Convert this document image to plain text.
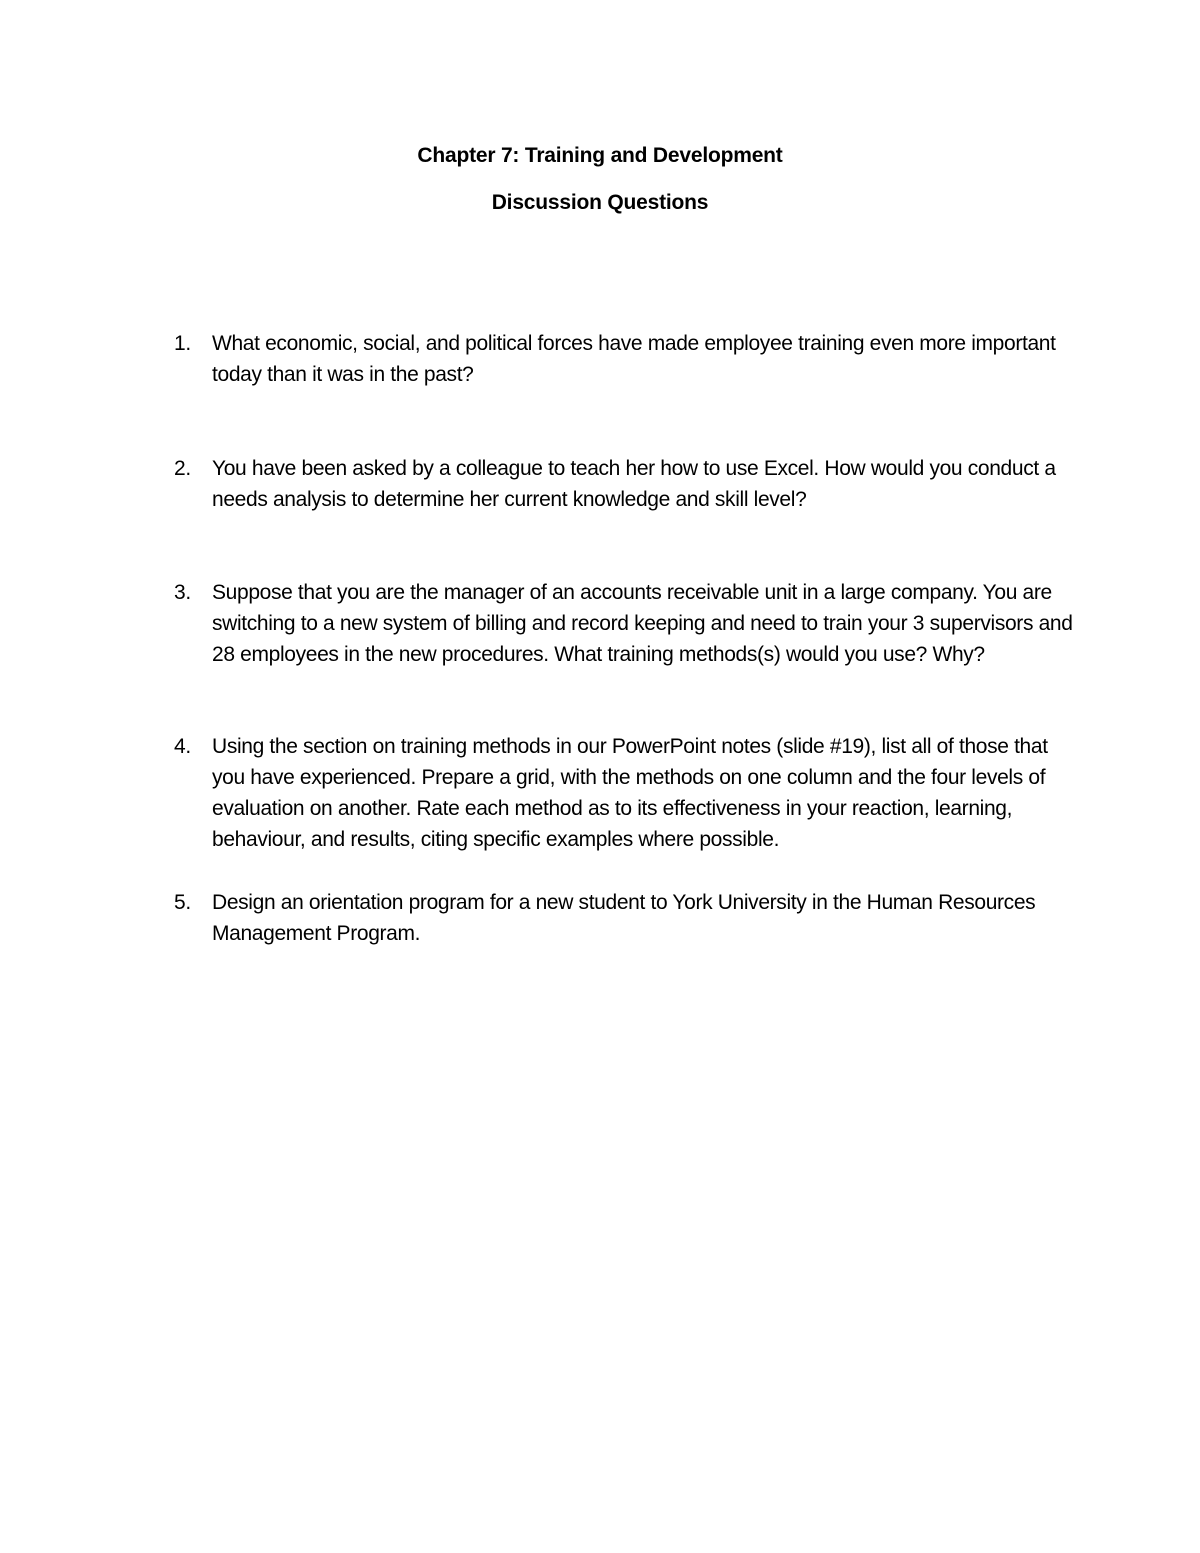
Chapter 7: Training and Development
Discussion Questions
1.	What economic, social, and political forces have made employee training even more important today than it was in the past?
2.	You have been asked by a colleague to teach her how to use Excel. How would you conduct a needs analysis to determine her current knowledge and skill level?
3.	Suppose that you are the manager of an accounts receivable unit in a large company. You are switching to a new system of billing and record keeping and need to train your 3 supervisors and 28 employees in the new procedures. What training methods(s) would you use? Why?
4.	Using the section on training methods in our PowerPoint notes (slide #19), list all of those that you have experienced. Prepare a grid, with the methods on one column and the four levels of evaluation on another. Rate each method as to its effectiveness in your reaction, learning, behaviour, and results, citing specific examples where possible.
5.	Design an orientation program for a new student to York University in the Human Resources Management Program.
